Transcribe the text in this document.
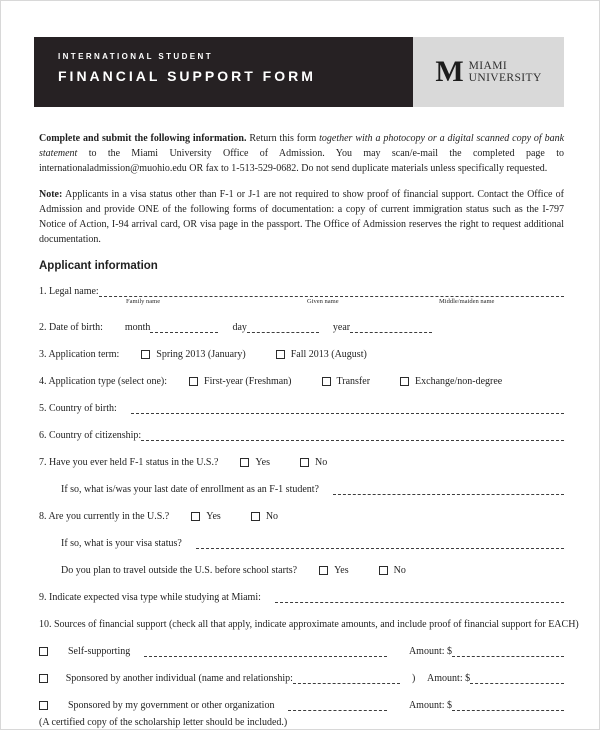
INTERNATIONAL STUDENT
FINANCIAL SUPPORT FORM	M MIAMI
UNIVERSITY

Complete and submit the following information. Return this form together with a photocopy or a digital scanned copy of bank statement to the Miami University Office of Admission. You may scan/e-mail the completed page to internationaladmission@muohio.edu OR fax to 1-513-529-0682. Do not send duplicate materials unless specifically requested.

Note: Applicants in a visa status other than F-1 or J-1 are not required to show proof of financial support. Contact the Office of Admission and provide ONE of the following forms of documentation: a copy of current immigration status such as the I-797 Notice of Action, I-94 arrival card, OR visa page in the passport. The Office of Admission reserves the right to request additional documentation.

Applicant information
1. Legal name:
Family name	Given name	Middle/maiden name
2. Date of birth: month	day	year
3. Application term:	Spring 2013 (January)	Fall 2013 (August)
4. Application type (select one):	First-year (Freshman)	Transfer	Exchange/non-degree
5. Country of birth:
6. Country of citizenship:
7. Have you ever held F-1 status in the U.S.?	Yes	No
If so, what is/was your last date of enrollment as an F-1 student?
8. Are you currently in the U.S.?	Yes	No
If so, what is your visa status?
Do you plan to travel outside the U.S. before school starts?	Yes	No
9. Indicate expected visa type while studying at Miami:
10. Sources of financial support (check all that apply, indicate approximate amounts, and include proof of financial support for EACH)
Self-supporting	Amount: $
Sponsored by another individual (name and relationship:	) Amount: $
Sponsored by my government or other organization	Amount: $
(A certified copy of the scholarship letter should be included.)
